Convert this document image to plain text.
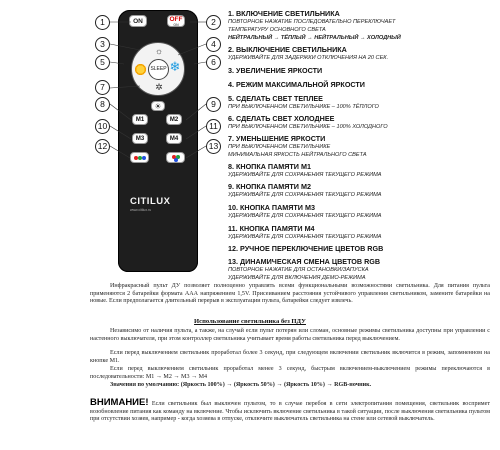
ON	OFF
ON
☼
❄
✲
SLEEP
☀
M1	M2
M3	M4
CITILUX
www.citilux.ru
1	2
3	4
5	6
7
8	9
10	11
12	13
1. ВКЛЮЧЕНИЕ СВЕТИЛЬНИКА
ПОВТОРНОЕ НАЖАТИЕ ПОСЛЕДОВАТЕЛЬНО ПЕРЕКЛЮЧАЕТ
ТЕМПЕРАТУРУ ОСНОВНОГО СВЕТА
НЕЙТРАЛЬНЫЙ → ТЁПЛЫЙ → НЕЙТРАЛЬНЫЙ → ХОЛОДНЫЙ
2. ВЫКЛЮЧЕНИЕ СВЕТИЛЬНИКА
УДЕРЖИВАЙТЕ ДЛЯ ЗАДЕРЖКИ ОТКЛЮЧЕНИЯ НА 20 СЕК.
3. УВЕЛИЧЕНИЕ ЯРКОСТИ
4. РЕЖИМ МАКСИМАЛЬНОЙ ЯРКОСТИ
5. СДЕЛАТЬ СВЕТ ТЕПЛЕЕ
ПРИ ВЫКЛЮЧЕННОМ СВЕТИЛЬНИКЕ – 100% ТЁПЛОГО
6. СДЕЛАТЬ СВЕТ ХОЛОДНЕЕ
ПРИ ВЫКЛЮЧЕННОМ СВЕТИЛЬНИКЕ – 100% ХОЛОДНОГО
7. УМЕНЬШЕНИЕ ЯРКОСТИ
ПРИ ВЫКЛЮЧЕННОМ СВЕТИЛЬНИКЕ
МИНИМАЛЬНАЯ ЯРКОСТЬ НЕЙТРАЛЬНОГО СВЕТА
8. КНОПКА ПАМЯТИ М1
УДЕРЖИВАЙТЕ ДЛЯ СОХРАНЕНИЯ ТЕКУЩЕГО РЕЖИМА
9. КНОПКА ПАМЯТИ М2
УДЕРЖИВАЙТЕ ДЛЯ СОХРАНЕНИЯ ТЕКУЩЕГО РЕЖИМА
10. КНОПКА ПАМЯТИ М3
УДЕРЖИВАЙТЕ ДЛЯ СОХРАНЕНИЯ ТЕКУЩЕГО РЕЖИМА
11. КНОПКА ПАМЯТИ М4
УДЕРЖИВАЙТЕ ДЛЯ СОХРАНЕНИЯ ТЕКУЩЕГО РЕЖИМА
12. РУЧНОЕ ПЕРЕКЛЮЧЕНИЕ ЦВЕТОВ RGB
13. ДИНАМИЧЕСКАЯ СМЕНА ЦВЕТОВ RGB
ПОВТОРНОЕ НАЖАТИЕ ДЛЯ ОСТАНОВКИ/ЗАПУСКА
УДЕРЖИВАЙТЕ ДЛЯ ВКЛЮЧЕНИЯ ДЕМО-РЕЖИМА

Инфракрасный пульт ДУ позволяет полноценно управлять всеми функциональными возможностями светильника. Для питания пульта применяются 2 батарейки формата ААА напряжением 1,5V. Присеиванием расстояния устойчивого управления светильником, замените батарейки на новые. Если предполагается длительный перерыв в эксплуатации пульта, батарейки следует извлечь.

Использование светильника без ПДУ

Независимо от наличия пульта, а также, на случай если пульт потерян или сломан, основные режимы светильника доступны при управлении с настенного выключателя, при этом контроллер светильника учитывает время работы светильника перед выключением.

Если перед выключением светильник проработал более 3 секунд, при следующем включении светильник включится в режим, запомненном на кнопке M1.

Если перед выключением светильник проработал менее 3 секунд, быстрым включением-выключением режимы переключаются в последовательности: M1 → M2 → M3 → M4

Значения по умолчанию: (Яркость 100%) → (Яркость 50%) → (Яркость 10%) → RGB-ночник.

ВНИМАНИЕ! Если светильник был выключен пультом, то в случае перебоя в сети электропитания помещения, светильник воспримет возобновление питания как команду на включение. Чтобы исключить включение светильника в такой ситуации, после выключения светильника пультом при отсутствии хозяев, например - когда хозяева в отпуске, отключите выключатель светильника на стене или сетевой выключатель.
